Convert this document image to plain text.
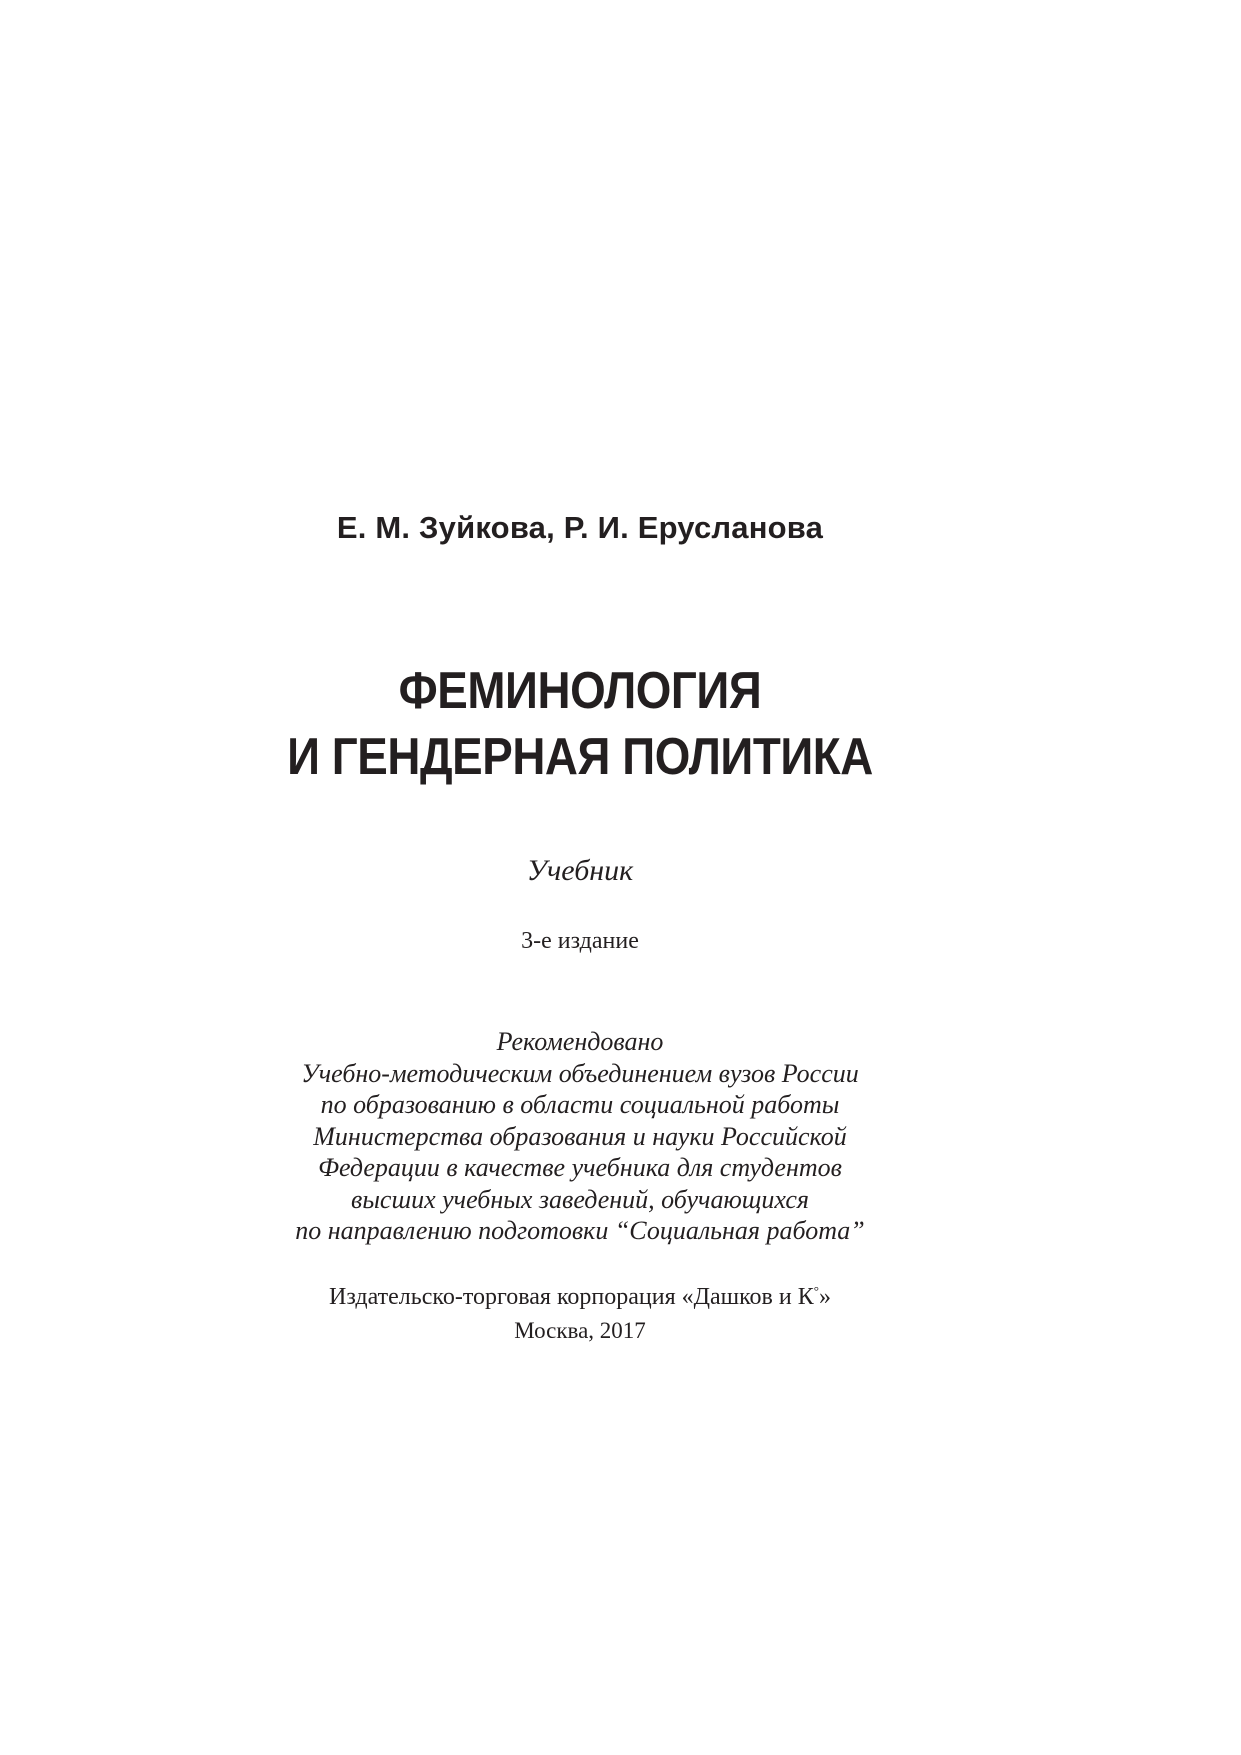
Е. М. Зуйкова, Р. И. Ерусланова
ФЕМИНОЛОГИЯ
И ГЕНДЕРНАЯ ПОЛИТИКА
Учебник
3-е издание
Рекомендовано
Учебно-методическим объединением вузов России
по образованию в области социальной работы
Министерства образования и науки Российской
Федерации в качестве учебника для студентов
высших учебных заведений, обучающихся
по направлению подготовки “Социальная работа”
Издательско-торговая корпорация «Дашков и К°»
Москва, 2017
